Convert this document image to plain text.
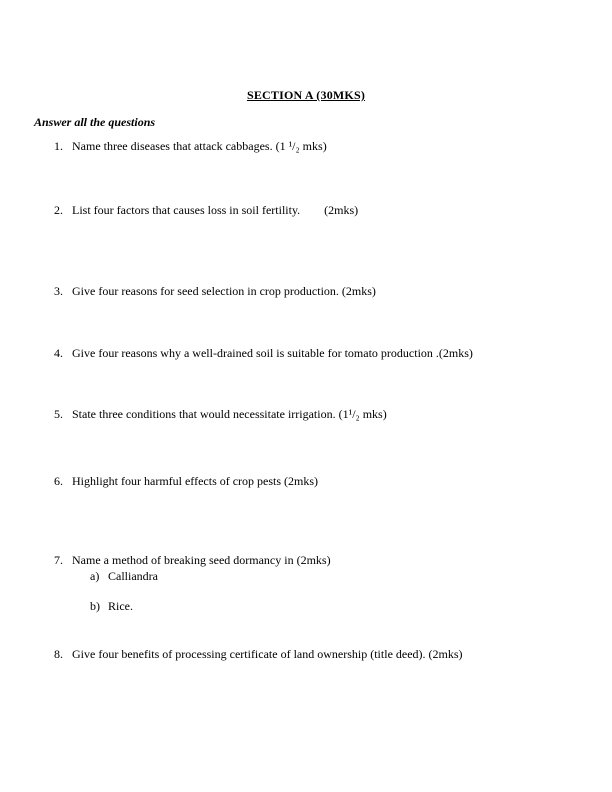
SECTION A (30MKS)
Answer all the questions
1. Name three diseases that attack cabbages. (1 ¹/₂ mks)
2. List four factors that causes loss in soil fertility.        (2mks)
3. Give four reasons for seed selection in crop production. (2mks)
4. Give four reasons why a well-drained soil is suitable for tomato production .(2mks)
5. State three conditions that would necessitate irrigation. (1¹/₂ mks)
6. Highlight four harmful effects of crop pests (2mks)
7. Name a method of breaking seed dormancy in (2mks)
a) Calliandra
b) Rice.
8. Give four benefits of processing certificate of land ownership (title deed). (2mks)
